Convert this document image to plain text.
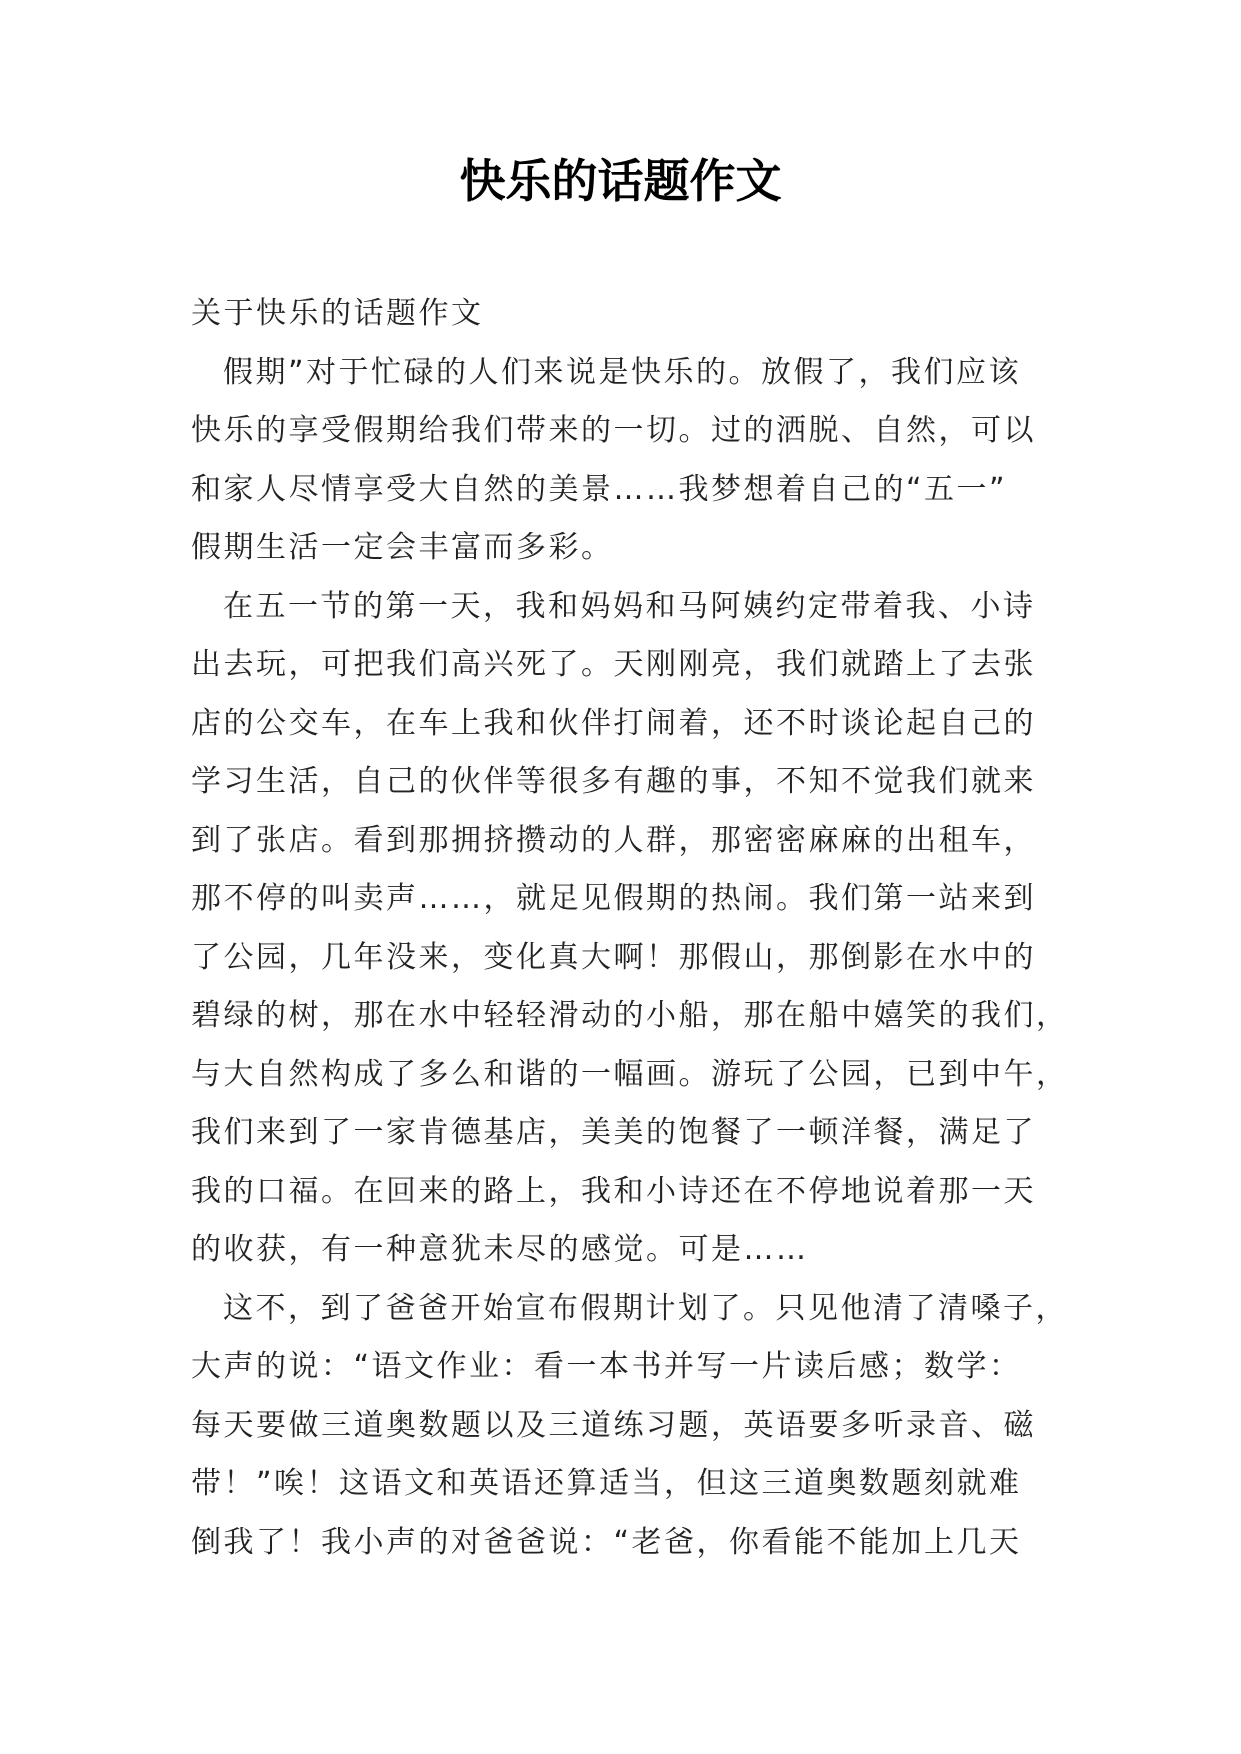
快乐的话题作文

关于快乐的话题作文

假期”对于忙碌的人们来说是快乐的。放假了，我们应该

快乐的享受假期给我们带来的一切。过的洒脱、自然，可以

和家人尽情享受大自然的美景……我梦想着自己的“五一”

假期生活一定会丰富而多彩。

在五一节的第一天，我和妈妈和马阿姨约定带着我、小诗

出去玩，可把我们高兴死了。天刚刚亮，我们就踏上了去张

店的公交车，在车上我和伙伴打闹着，还不时谈论起自己的

学习生活，自己的伙伴等很多有趣的事，不知不觉我们就来

到了张店。看到那拥挤攒动的人群，那密密麻麻的出租车，

那不停的叫卖声……，就足见假期的热闹。我们第一站来到

了公园，几年没来，变化真大啊！那假山，那倒影在水中的

碧绿的树，那在水中轻轻滑动的小船，那在船中嬉笑的我们，

与大自然构成了多么和谐的一幅画。游玩了公园，已到中午，

我们来到了一家肯德基店，美美的饱餐了一顿洋餐，满足了

我的口福。在回来的路上，我和小诗还在不停地说着那一天

的收获，有一种意犹未尽的感觉。可是……

这不，到了爸爸开始宣布假期计划了。只见他清了清嗓子，

大声的说：“语文作业：看一本书并写一片读后感；数学：

每天要做三道奥数题以及三道练习题，英语要多听录音、磁

带！”唉！这语文和英语还算适当，但这三道奥数题刻就难

倒我了！我小声的对爸爸说：“老爸，你看能不能加上几天
